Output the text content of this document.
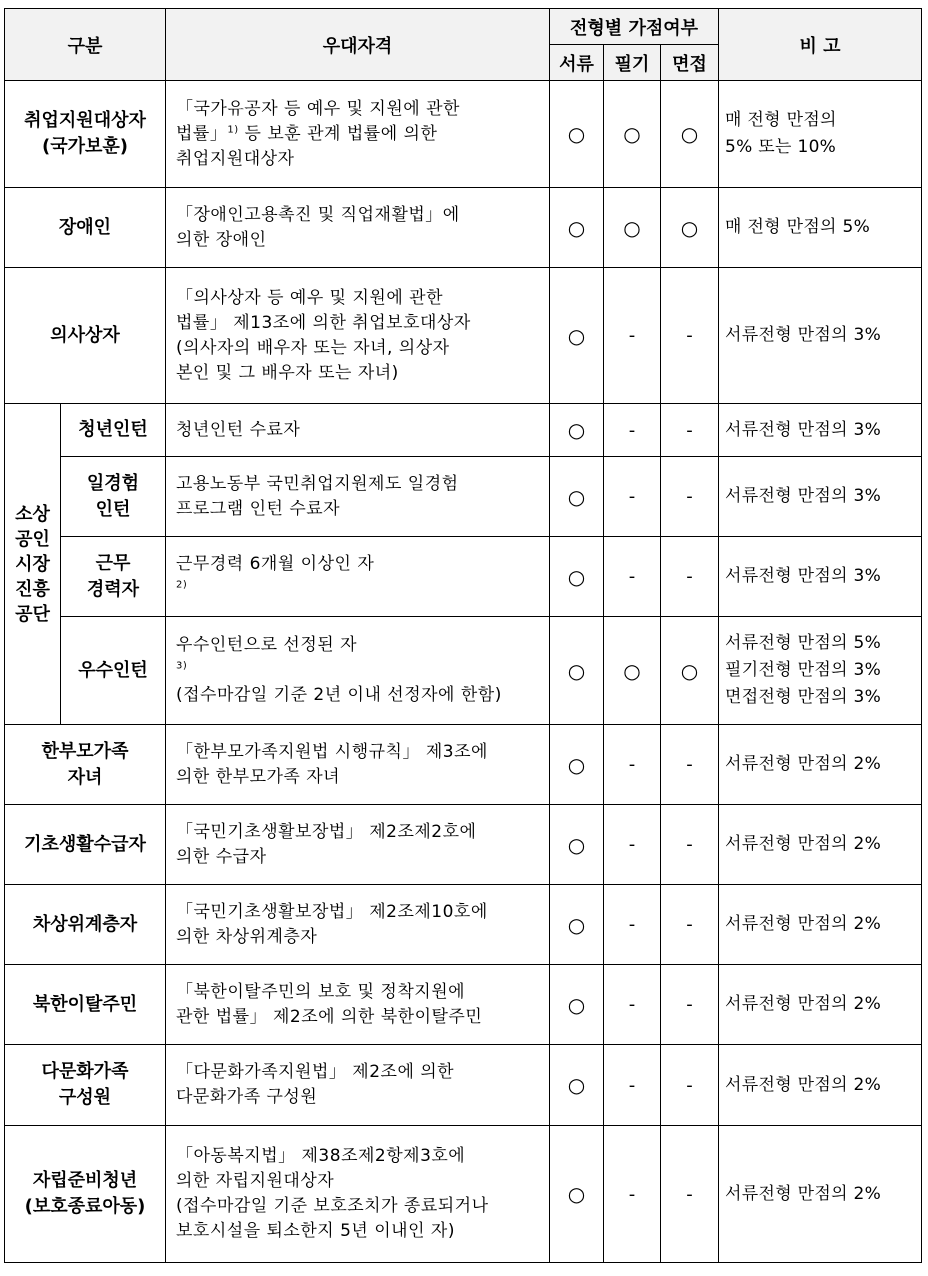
구분		우대자격	전형별 가점여부			비 고
			서류	필기	면접	

취업지원대상자
(국가보훈)		「국가유공자 등 예우 및 지원에 관한
법률」$^{1)}$ 등 보훈 관계 법률에 의한
취업지원대상자	○	○	○	매 전형 만점의
5% 또는 10%

장애인		「장애인고용촉진 및 직업재활법」에
의한 장애인	○	○	○	매 전형 만점의 5%
의사상자		「의사상자 등 예우 및 지원에 관한
법률」 제13조에 의한 취업보호대상자
(의사자의 배우자 또는 자녀, 의상자
본인 및 그 배우자 또는 자녀)	○	-	-	서류전형 만점의 3%

소상
공인
시장
진흥
공단	청년인턴	청년인턴 수료자	○	-	-	서류전형 만점의 3%

	일경험
인턴	고용노동부 국민취업지원제도 일경험
프로그램 인턴 수료자	○	-	-	서류전형 만점의 3%

	근무
경력자	근무경력 6개월 이상인 자
$^{2)}$	○	-	-	서류전형 만점의 3%
	우수인턴	우수인턴으로 선정된 자
$^{3)}$
(접수마감일 기준 2년 이내 선정자에 한함)	○	○	○	서류전형 만점의 5%
필기전형 만점의 3%
면접전형 만점의 3%

한부모가족
자녀		「한부모가족지원법 시행규칙」 제3조에
의한 한부모가족 자녀	○	-	-	서류전형 만점의 2%
기초생활수급자		「국민기초생활보장법」 제2조제2호에
의한 수급자	○	-	-	서류전형 만점의 2%
차상위계층자		「국민기초생활보장법」 제2조제10호에
의한 차상위계층자	○	-	-	서류전형 만점의 2%
북한이탈주민		「북한이탈주민의 보호 및 정착지원에
관한 법률」 제2조에 의한 북한이탈주민	○	-	-	서류전형 만점의 2%

다문화가족
구성원		「다문화가족지원법」 제2조에 의한
다문화가족 구성원	○	-	-	서류전형 만점의 2%

자립준비청년
(보호종료아동)		「아동복지법」 제38조제2항제3호에
의한 자립지원대상자
(접수마감일 기준 보호조치가 종료되거나
보호시설을 퇴소한지 5년 이내인 자)	○	-	-	서류전형 만점의 2%
